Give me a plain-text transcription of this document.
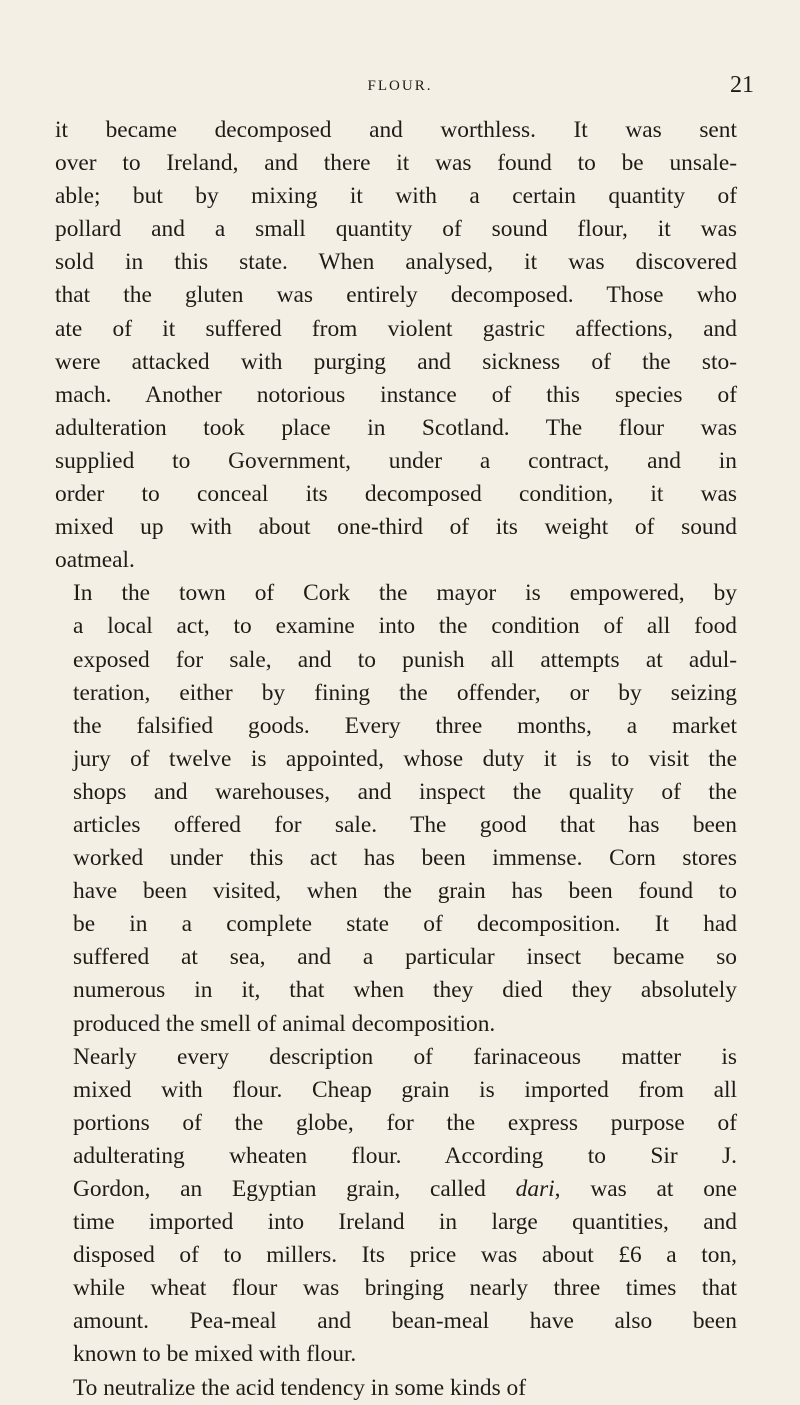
FLOUR.	21

it became decomposed and worthless. It was sent
over to Ireland, and there it was found to be unsale-
able; but by mixing it with a certain quantity of
pollard and a small quantity of sound flour, it was
sold in this state. When analysed, it was discovered
that the gluten was entirely decomposed. Those who
ate of it suffered from violent gastric affections, and
were attacked with purging and sickness of the sto-
mach. Another notorious instance of this species of
adulteration took place in Scotland. The flour was
supplied to Government, under a contract, and in
order to conceal its decomposed condition, it was
mixed up with about one-third of its weight of sound
oatmeal.

In the town of Cork the mayor is empowered, by
a local act, to examine into the condition of all food
exposed for sale, and to punish all attempts at adul-
teration, either by fining the offender, or by seizing
the falsified goods. Every three months, a market
jury of twelve is appointed, whose duty it is to visit the
shops and warehouses, and inspect the quality of the
articles offered for sale. The good that has been
worked under this act has been immense. Corn stores
have been visited, when the grain has been found to
be in a complete state of decomposition. It had
suffered at sea, and a particular insect became so
numerous in it, that when they died they absolutely
produced the smell of animal decomposition.

Nearly every description of farinaceous matter is
mixed with flour. Cheap grain is imported from all
portions of the globe, for the express purpose of
adulterating wheaten flour. According to Sir J.
Gordon, an Egyptian grain, called dari, was at one
time imported into Ireland in large quantities, and
disposed of to millers. Its price was about £6 a ton,
while wheat flour was bringing nearly three times that
amount. Pea-meal and bean-meal have also been
known to be mixed with flour.

To neutralize the acid tendency in some kinds of
